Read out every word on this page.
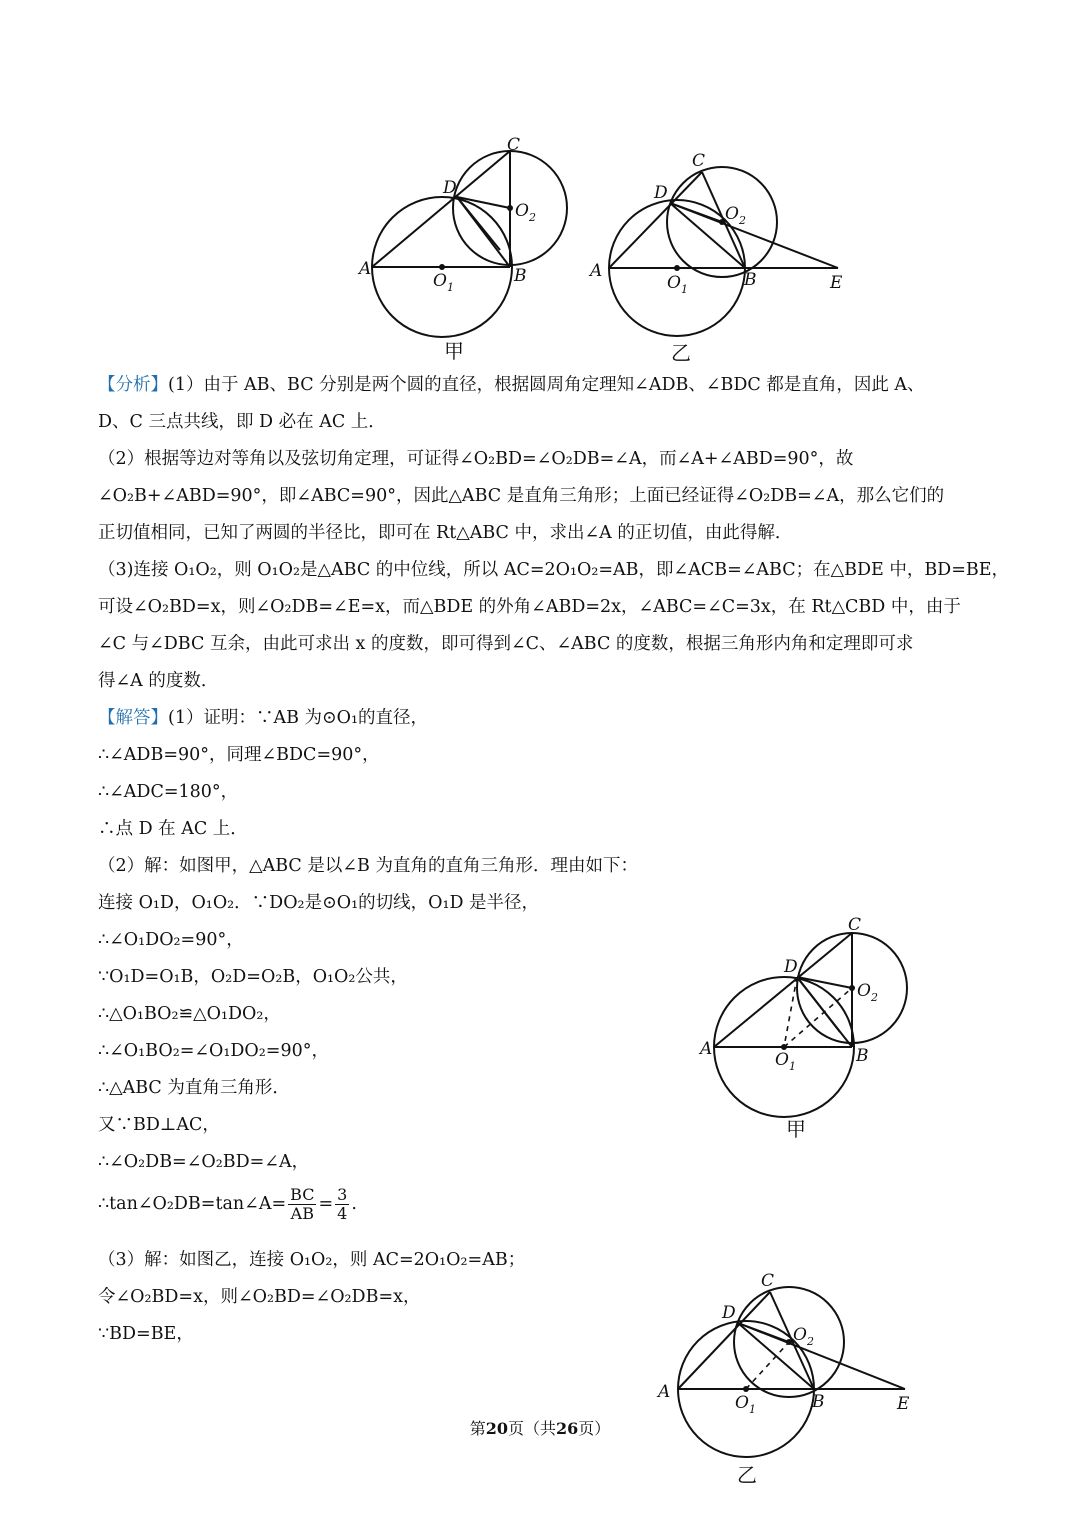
A	B
C
D
O 1
O 2
甲
A	B
C
D
E
O 1
O 2
乙
【分析】(1）由于 AB、BC 分别是两个圆的直径，根据圆周角定理知∠ADB、∠BDC 都是直角，因此 A、
D、C 三点共线，即 D 必在 AC 上．
（2）根据等边对等角以及弦切角定理，可证得∠O₂BD=∠O₂DB=∠A，而∠A+∠ABD=90°，故
∠O₂B+∠ABD=90°，即∠ABC=90°，因此△ABC 是直角三角形；上面已经证得∠O₂DB=∠A，那么它们的
正切值相同，已知了两圆的半径比，即可在 Rt△ABC 中，求出∠A 的正切值，由此得解．
（3)连接 O₁O₂，则 O₁O₂是△ABC 的中位线，所以 AC=2O₁O₂=AB，即∠ACB=∠ABC；在△BDE 中，BD=BE，
可设∠O₂BD=x，则∠O₂DB=∠E=x，而△BDE 的外角∠ABD=2x，∠ABC=∠C=3x，在 Rt△CBD 中，由于
∠C 与∠DBC 互余，由此可求出 x 的度数，即可得到∠C、∠ABC 的度数，根据三角形内角和定理即可求
得∠A 的度数．
【解答】(1）证明：∵AB 为⊙O₁的直径，
∴∠ADB=90°，同理∠BDC=90°，
∴∠ADC=180°，
∴点 D 在 AC 上．
（2）解：如图甲，△ABC 是以∠B 为直角的直角三角形．理由如下：
连接 O₁D，O₁O₂．∵DO₂是⊙O₁的切线，O₁D 是半径，
∴∠O₁DO₂=90°，
∵O₁D=O₁B，O₂D=O₂B，O₁O₂公共，
∴△O₁BO₂≌△O₁DO₂，
∴∠O₁BO₂=∠O₁DO₂=90°，
∴△ABC 为直角三角形．
又∵BD⊥AC，
∴∠O₂DB=∠O₂BD=∠A，
∴tan∠O₂DB=tan∠A= $\frac{BC}{AB} = \frac{3}{4}$ .
（3）解：如图乙，连接 O₁O₂，则 AC=2O₁O₂=AB；
令∠O₂BD=x，则∠O₂BD=∠O₂DB=x，
∵BD=BE，
A	B
C
D
O 1
O 2
甲
A	B
C
D
E
O 1
O 2
乙
第20页（共26页）
